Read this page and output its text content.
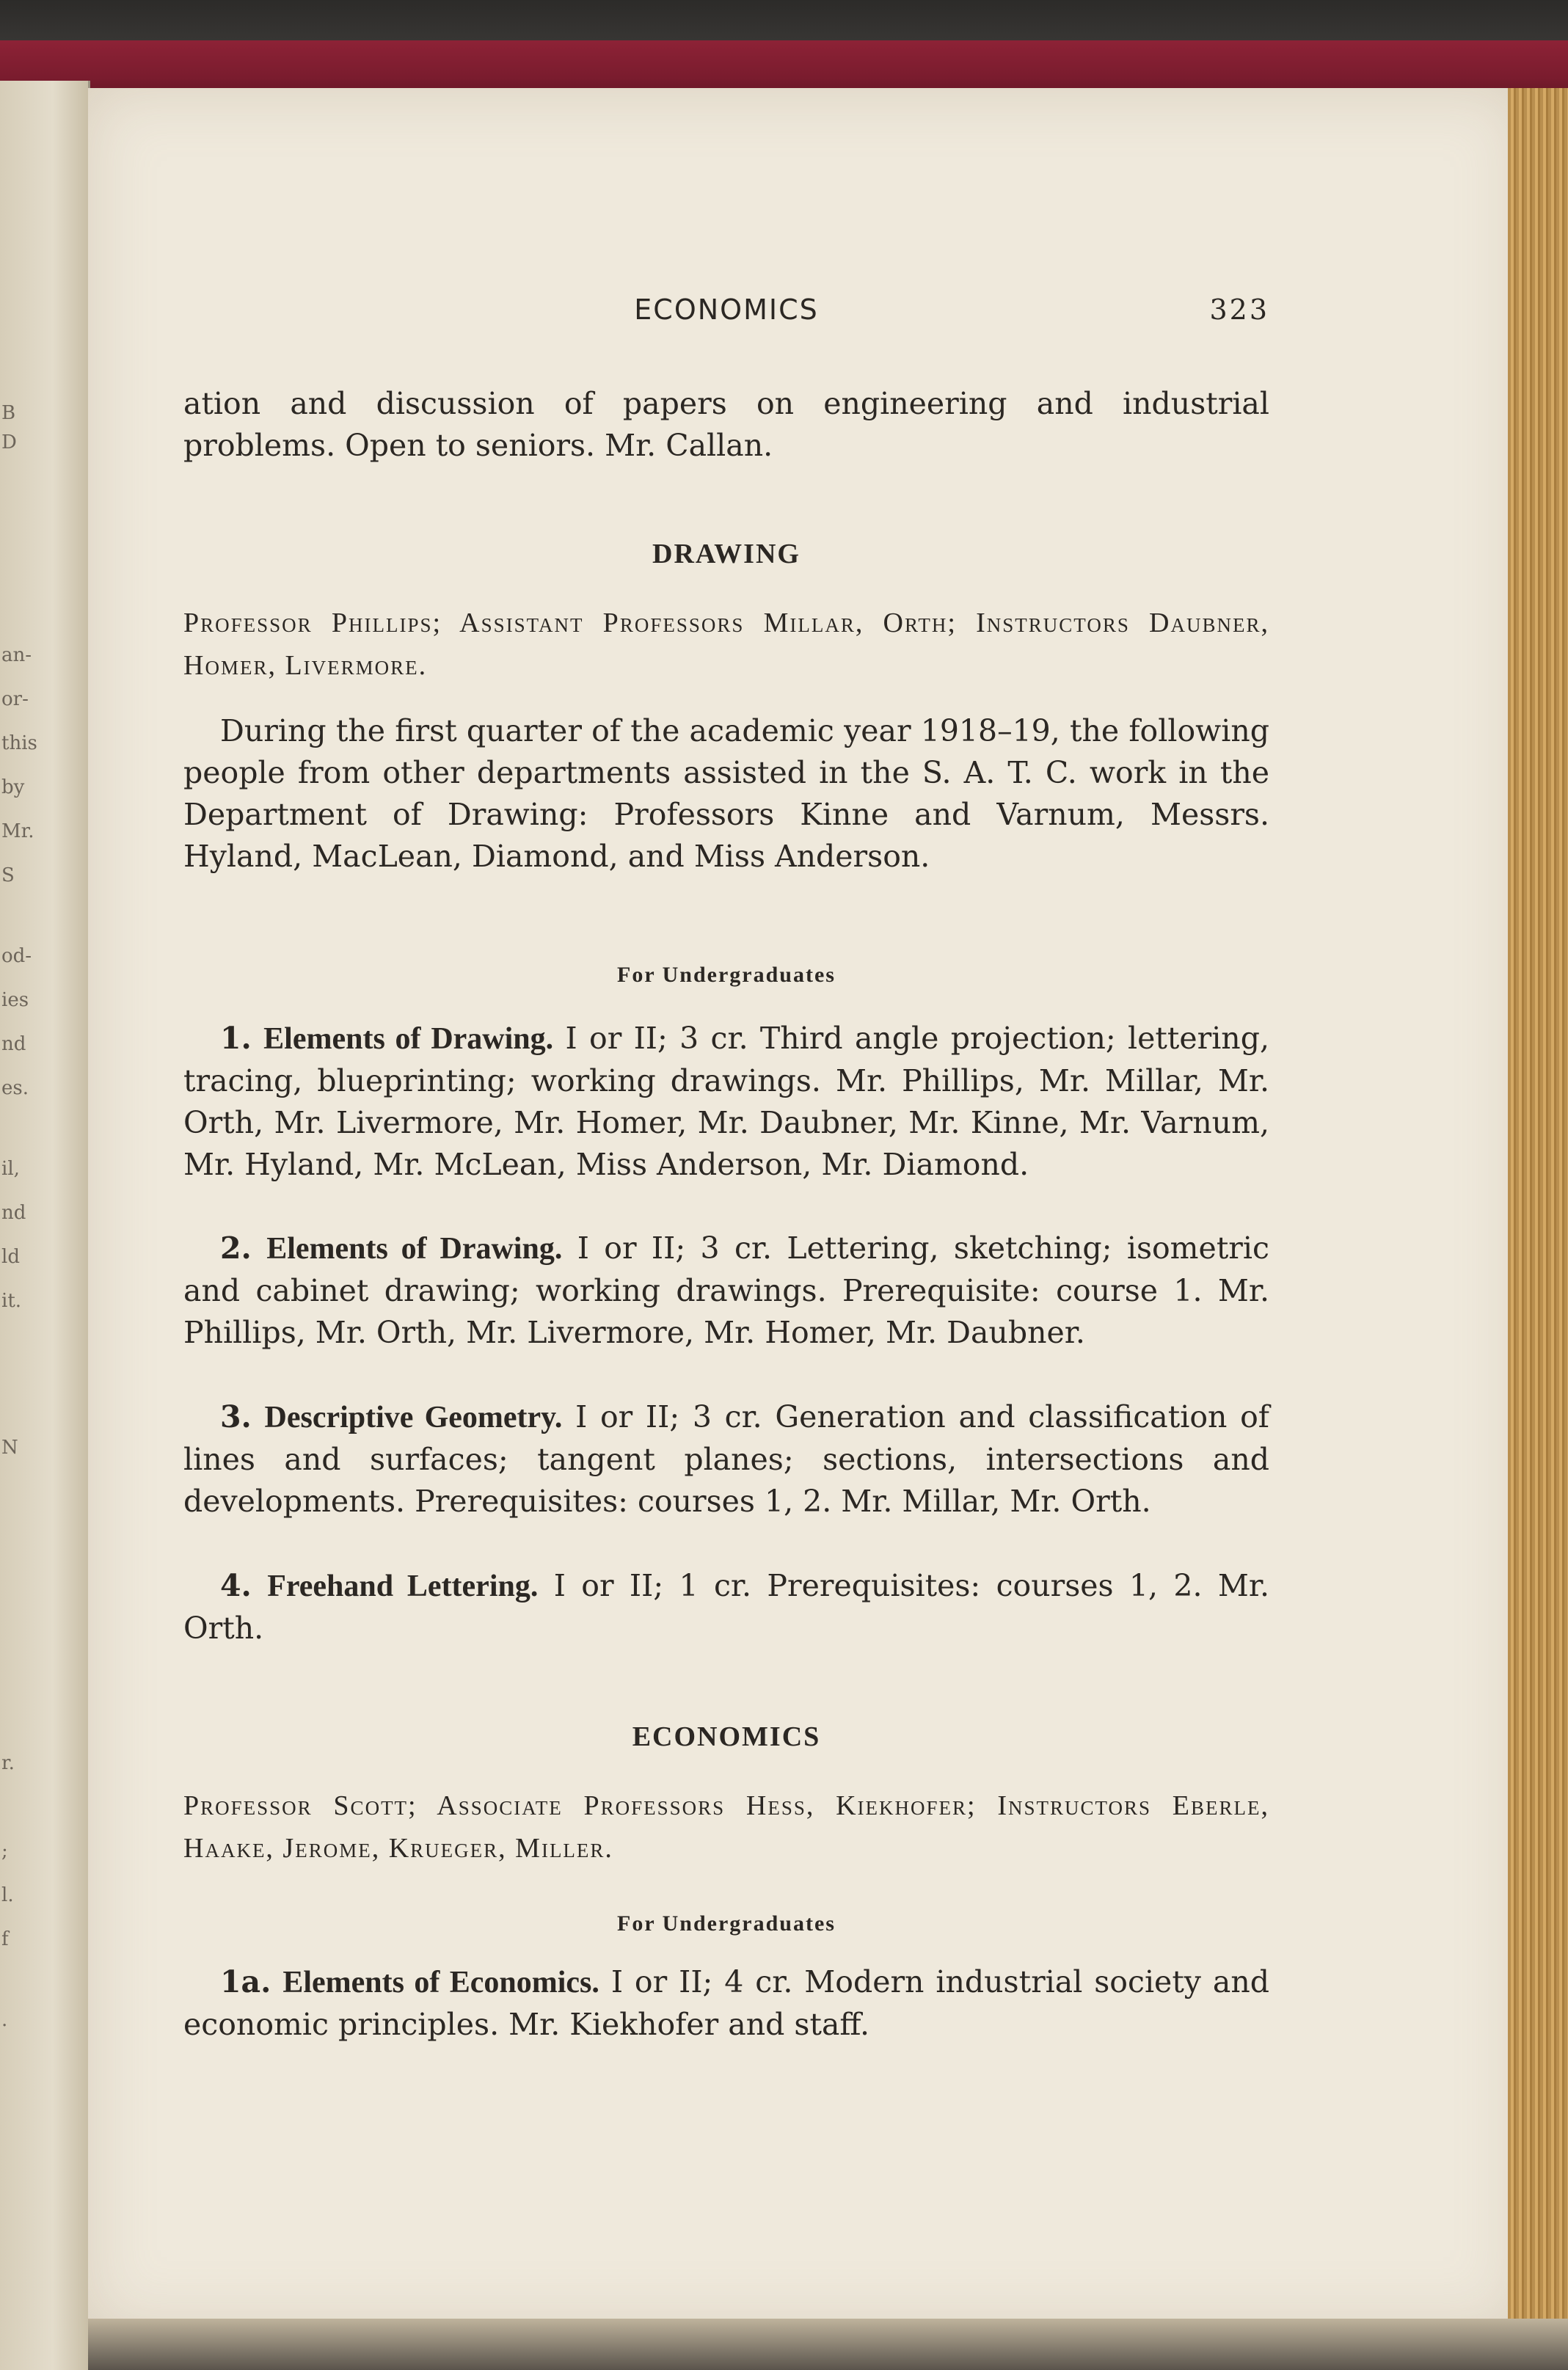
B
D
an-
or-
this
by
Mr.
S
od-
ies
nd
es.
il,
nd
ld
it.
N
r.
;
l.
f
.
ECONOMICS	323
ation and discussion of papers on engineering and industrial problems. Open to seniors. Mr. Callan.
DRAWING
Professor Phillips; Assistant Professors Millar, Orth; Instructors Daubner, Homer, Livermore.
During the first quarter of the academic year 1918–19, the following people from other departments assisted in the S. A. T. C. work in the Department of Drawing: Professors Kinne and Varnum, Messrs. Hyland, MacLean, Diamond, and Miss Anderson.
For Undergraduates
1. Elements of Drawing. I or II; 3 cr. Third angle projection; lettering, tracing, blueprinting; working drawings. Mr. Phillips, Mr. Millar, Mr. Orth, Mr. Livermore, Mr. Homer, Mr. Daubner, Mr. Kinne, Mr. Varnum, Mr. Hyland, Mr. McLean, Miss Anderson, Mr. Diamond.
2. Elements of Drawing. I or II; 3 cr. Lettering, sketching; isometric and cabinet drawing; working drawings. Prerequisite: course 1. Mr. Phillips, Mr. Orth, Mr. Livermore, Mr. Homer, Mr. Daubner.
3. Descriptive Geometry. I or II; 3 cr. Generation and classification of lines and surfaces; tangent planes; sections, intersections and developments. Prerequisites: courses 1, 2. Mr. Millar, Mr. Orth.
4. Freehand Lettering. I or II; 1 cr. Prerequisites: courses 1, 2. Mr. Orth.
ECONOMICS
Professor Scott; Associate Professors Hess, Kiekhofer; Instructors Eberle, Haake, Jerome, Krueger, Miller.
For Undergraduates
1a. Elements of Economics. I or II; 4 cr. Modern industrial society and economic principles. Mr. Kiekhofer and staff.
